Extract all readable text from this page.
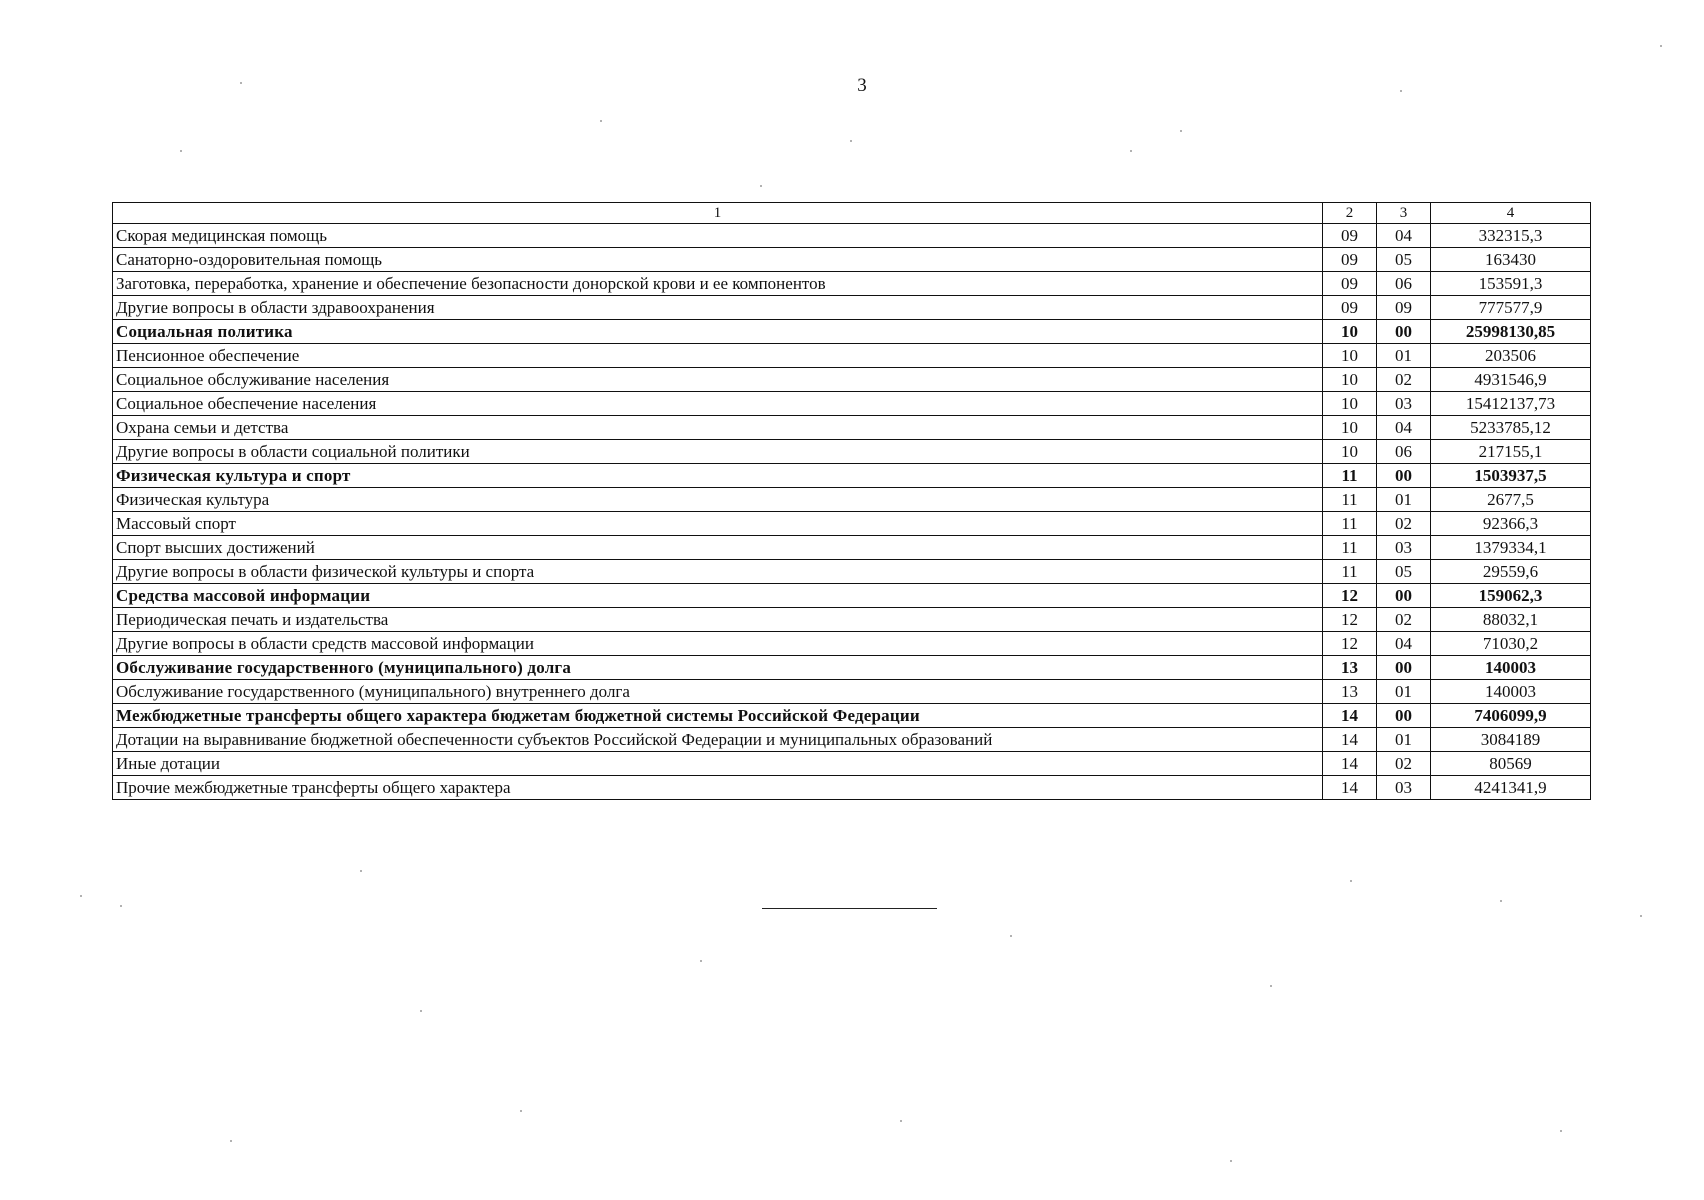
3
1	2	3	4
Скорая медицинская помощь	09	04	332315,3
Санаторно-оздоровительная помощь	09	05	163430
Заготовка, переработка, хранение и обеспечение безопасности донорской крови и ее компонентов	09	06	153591,3
Другие вопросы в области здравоохранения	09	09	777577,9
Социальная политика	10	00	25998130,85
Пенсионное обеспечение	10	01	203506
Социальное обслуживание населения	10	02	4931546,9
Социальное обеспечение населения	10	03	15412137,73
Охрана семьи и детства	10	04	5233785,12
Другие вопросы в области социальной политики	10	06	217155,1
Физическая культура и спорт	11	00	1503937,5
Физическая культура	11	01	2677,5
Массовый спорт	11	02	92366,3
Спорт высших достижений	11	03	1379334,1
Другие вопросы в области физической культуры и спорта	11	05	29559,6
Средства массовой информации	12	00	159062,3
Периодическая печать и издательства	12	02	88032,1
Другие вопросы в области средств массовой информации	12	04	71030,2
Обслуживание государственного (муниципального) долга	13	00	140003
Обслуживание государственного (муниципального) внутреннего долга	13	01	140003
Межбюджетные трансферты общего характера бюджетам бюджетной системы Российской Федерации	14	00	7406099,9
Дотации на выравнивание бюджетной обеспеченности субъектов Российской Федерации и муниципальных образований	14	01	3084189
Иные дотации	14	02	80569
Прочие межбюджетные трансферты общего характера	14	03	4241341,9
